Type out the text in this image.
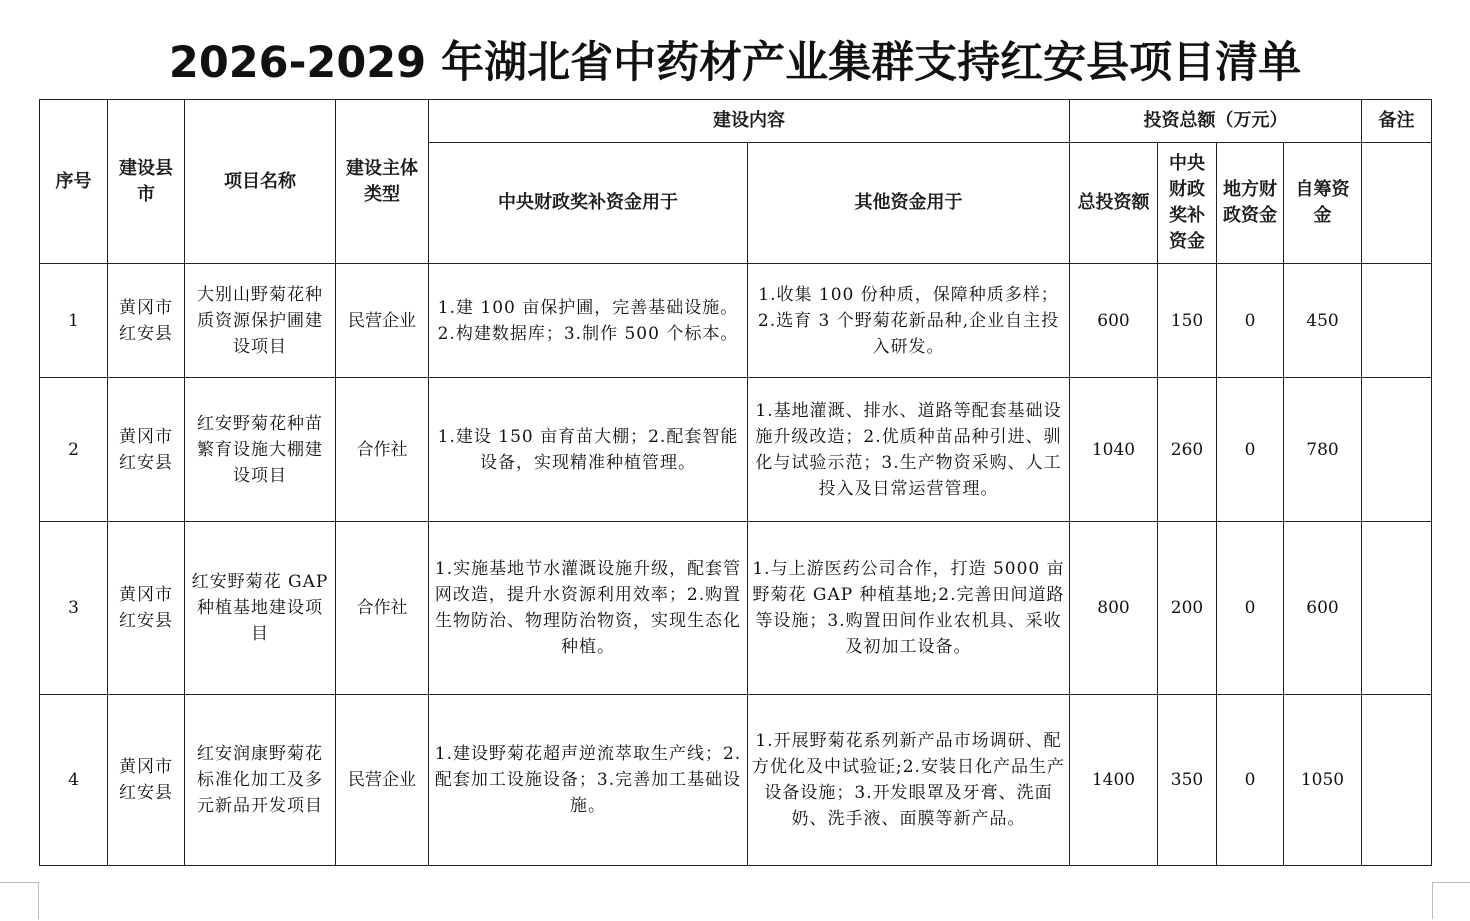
2026-2029 年湖北省中药材产业集群支持红安县项目清单
序号	建设县市	项目名称	建设主体类型	建设内容		投资总额（万元）				备注
				中央财政奖补资金用于	其他资金用于	总投资额	中央财政奖补资金	地方财政资金	自筹资金	
1	黄冈市红安县	大别山野菊花种质资源保护圃建设项目	民营企业	1.建 100 亩保护圃，完善基础设施。2.构建数据库；3.制作 500 个标本。	1.收集 100 份种质，保障种质多样；2.选育 3 个野菊花新品种,企业自主投入研发。	600	150	0	450	
2	黄冈市红安县	红安野菊花种苗繁育设施大棚建设项目	合作社	1.建设 150 亩育苗大棚；2.配套智能设备，实现精准种植管理。	1.基地灌溉、排水、道路等配套基础设施升级改造；2.优质种苗品种引进、驯化与试验示范；3.生产物资采购、人工投入及日常运营管理。	1040	260	0	780	
3	黄冈市红安县	红安野菊花 GAP 种植基地建设项目	合作社	1.实施基地节水灌溉设施升级，配套管网改造，提升水资源利用效率；2.购置生物防治、物理防治物资，实现生态化种植。	1.与上游医药公司合作，打造 5000 亩野菊花 GAP 种植基地;2.完善田间道路等设施；3.购置田间作业农机具、采收及初加工设备。	800	200	0	600	
4	黄冈市红安县	红安润康野菊花标准化加工及多元新品开发项目	民营企业	1.建设野菊花超声逆流萃取生产线；2.配套加工设施设备；3.完善加工基础设施。	1.开展野菊花系列新产品市场调研、配方优化及中试验证;2.安装日化产品生产设备设施；3.开发眼罩及牙膏、洗面奶、洗手液、面膜等新产品。	1400	350	0	1050	
